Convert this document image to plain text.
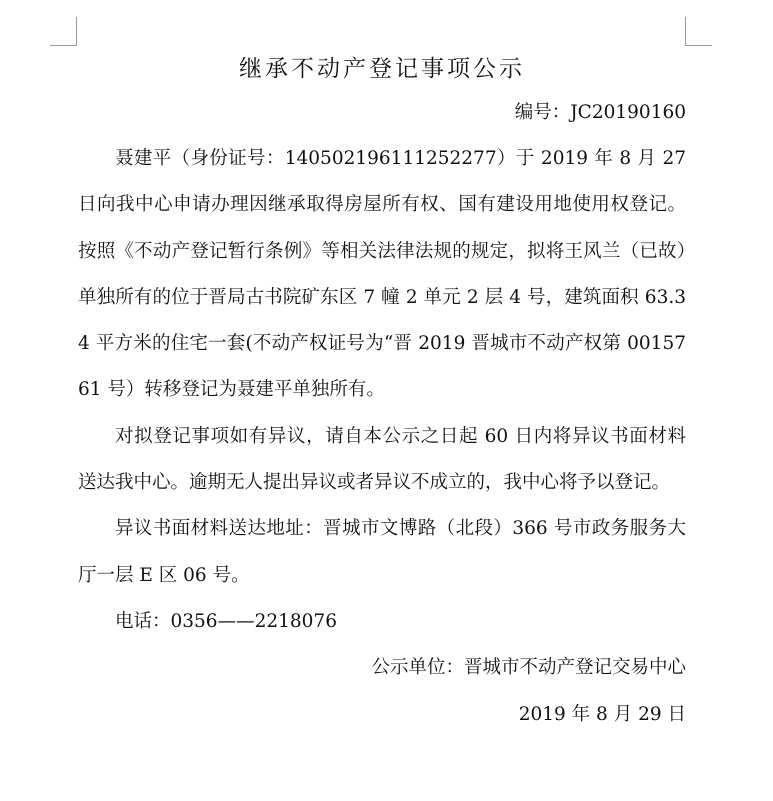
继承不动产登记事项公示
编号：JC20190160

聂建平（身份证号：140502196111252277）于 2019 年 8 月 27 日向我中心申请办理因继承取得房屋所有权、国有建设用地使用权登记。按照《不动产登记暂行条例》等相关法律法规的规定，拟将王风兰（已故）单独所有的位于晋局古书院矿东区 7 幢 2 单元 2 层 4 号，建筑面积 63.34 平方米的住宅一套(不动产权证号为“晋 2019 晋城市不动产权第 0015761 号）转移登记为聂建平单独所有。

对拟登记事项如有异议，请自本公示之日起 60 日内将异议书面材料送达我中心。逾期无人提出异议或者异议不成立的，我中心将予以登记。

异议书面材料送达地址：晋城市文博路（北段）366 号市政务服务大厅一层 E 区 06 号。

电话：0356——2218076

公示单位：晋城市不动产登记交易中心
2019 年 8 月 29 日
